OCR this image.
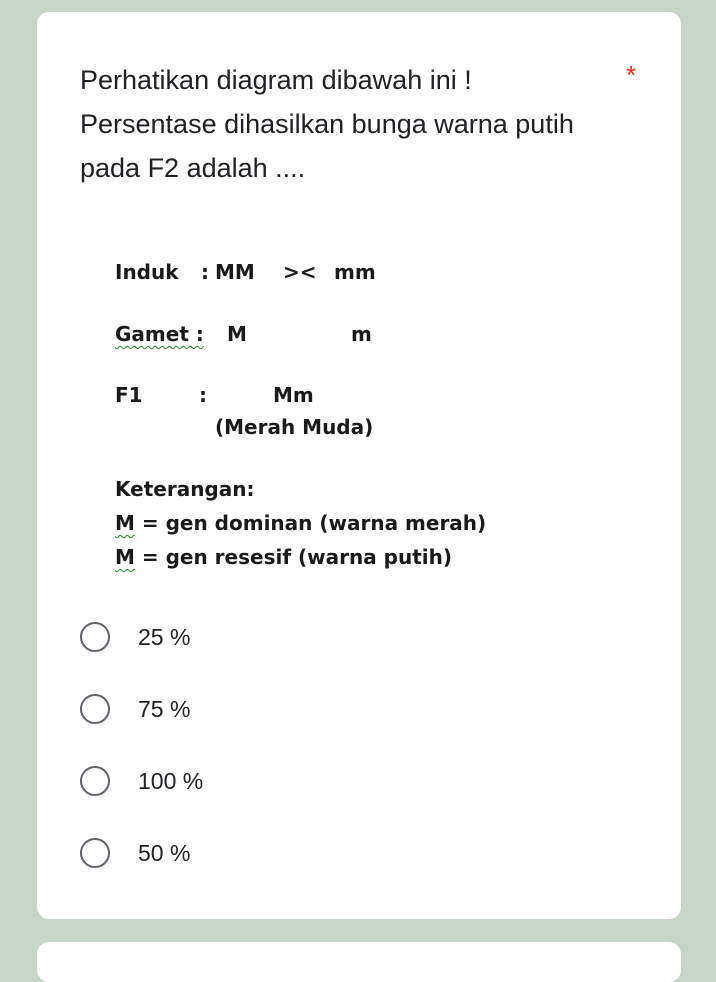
Perhatikan diagram dibawah ini !
Persentase dihasilkan bunga warna putih
pada F2 adalah ....
*
Induk : MM >< mm
Gamet : M	m
F1	:	Mm
(Merah Muda)
Keterangan:
M = gen dominan (warna merah)
M = gen resesif (warna putih)
25 %
75 %
100 %
50 %
